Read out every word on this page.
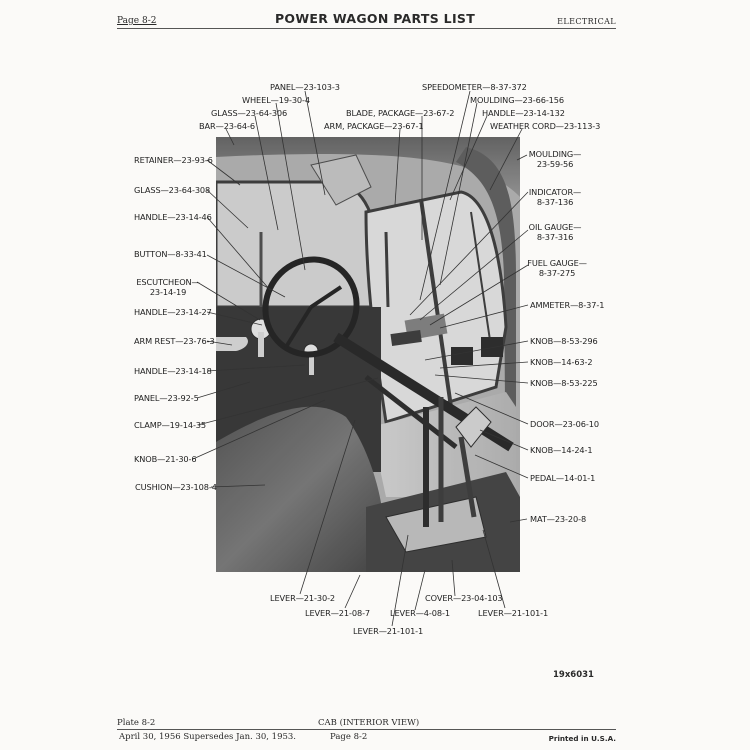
Page 8-2	POWER WAGON PARTS LIST	ELECTRICAL
PANEL—23-103-3
WHEEL—19-30-4
GLASS—23-64-306
BAR—23-64-6
BLADE, PACKAGE—23-67-2
ARM, PACKAGE—23-67-1
SPEEDOMETER—8-37-372
MOULDING—23-66-156
HANDLE—23-14-132
WEATHER CORD—23-113-3
RETAINER—23-93-6
GLASS—23-64-308
HANDLE—23-14-46
BUTTON—8-33-41
ESCUTCHEON—
23-14-19
HANDLE—23-14-27
ARM REST—23-76-3
HANDLE—23-14-18
PANEL—23-92-5
CLAMP—19-14-35
KNOB—21-30-6
CUSHION—23-108-4
MOULDING—
23-59-56
INDICATOR—
8-37-136
OIL GAUGE—
8-37-316
FUEL GAUGE—
8-37-275
AMMETER—8-37-1
KNOB—8-53-296
KNOB—14-63-2
KNOB—8-53-225
DOOR—23-06-10
KNOB—14-24-1
PEDAL—14-01-1
MAT—23-20-8
LEVER—21-30-2
LEVER—21-08-7
LEVER—21-101-1
LEVER—4-08-1
COVER—23-04-103
LEVER—21-101-1
19x6031
Plate 8-2	CAB (INTERIOR VIEW)
April 30, 1956 Supersedes Jan. 30, 1953.	Page 8-2	Printed in U.S.A.
